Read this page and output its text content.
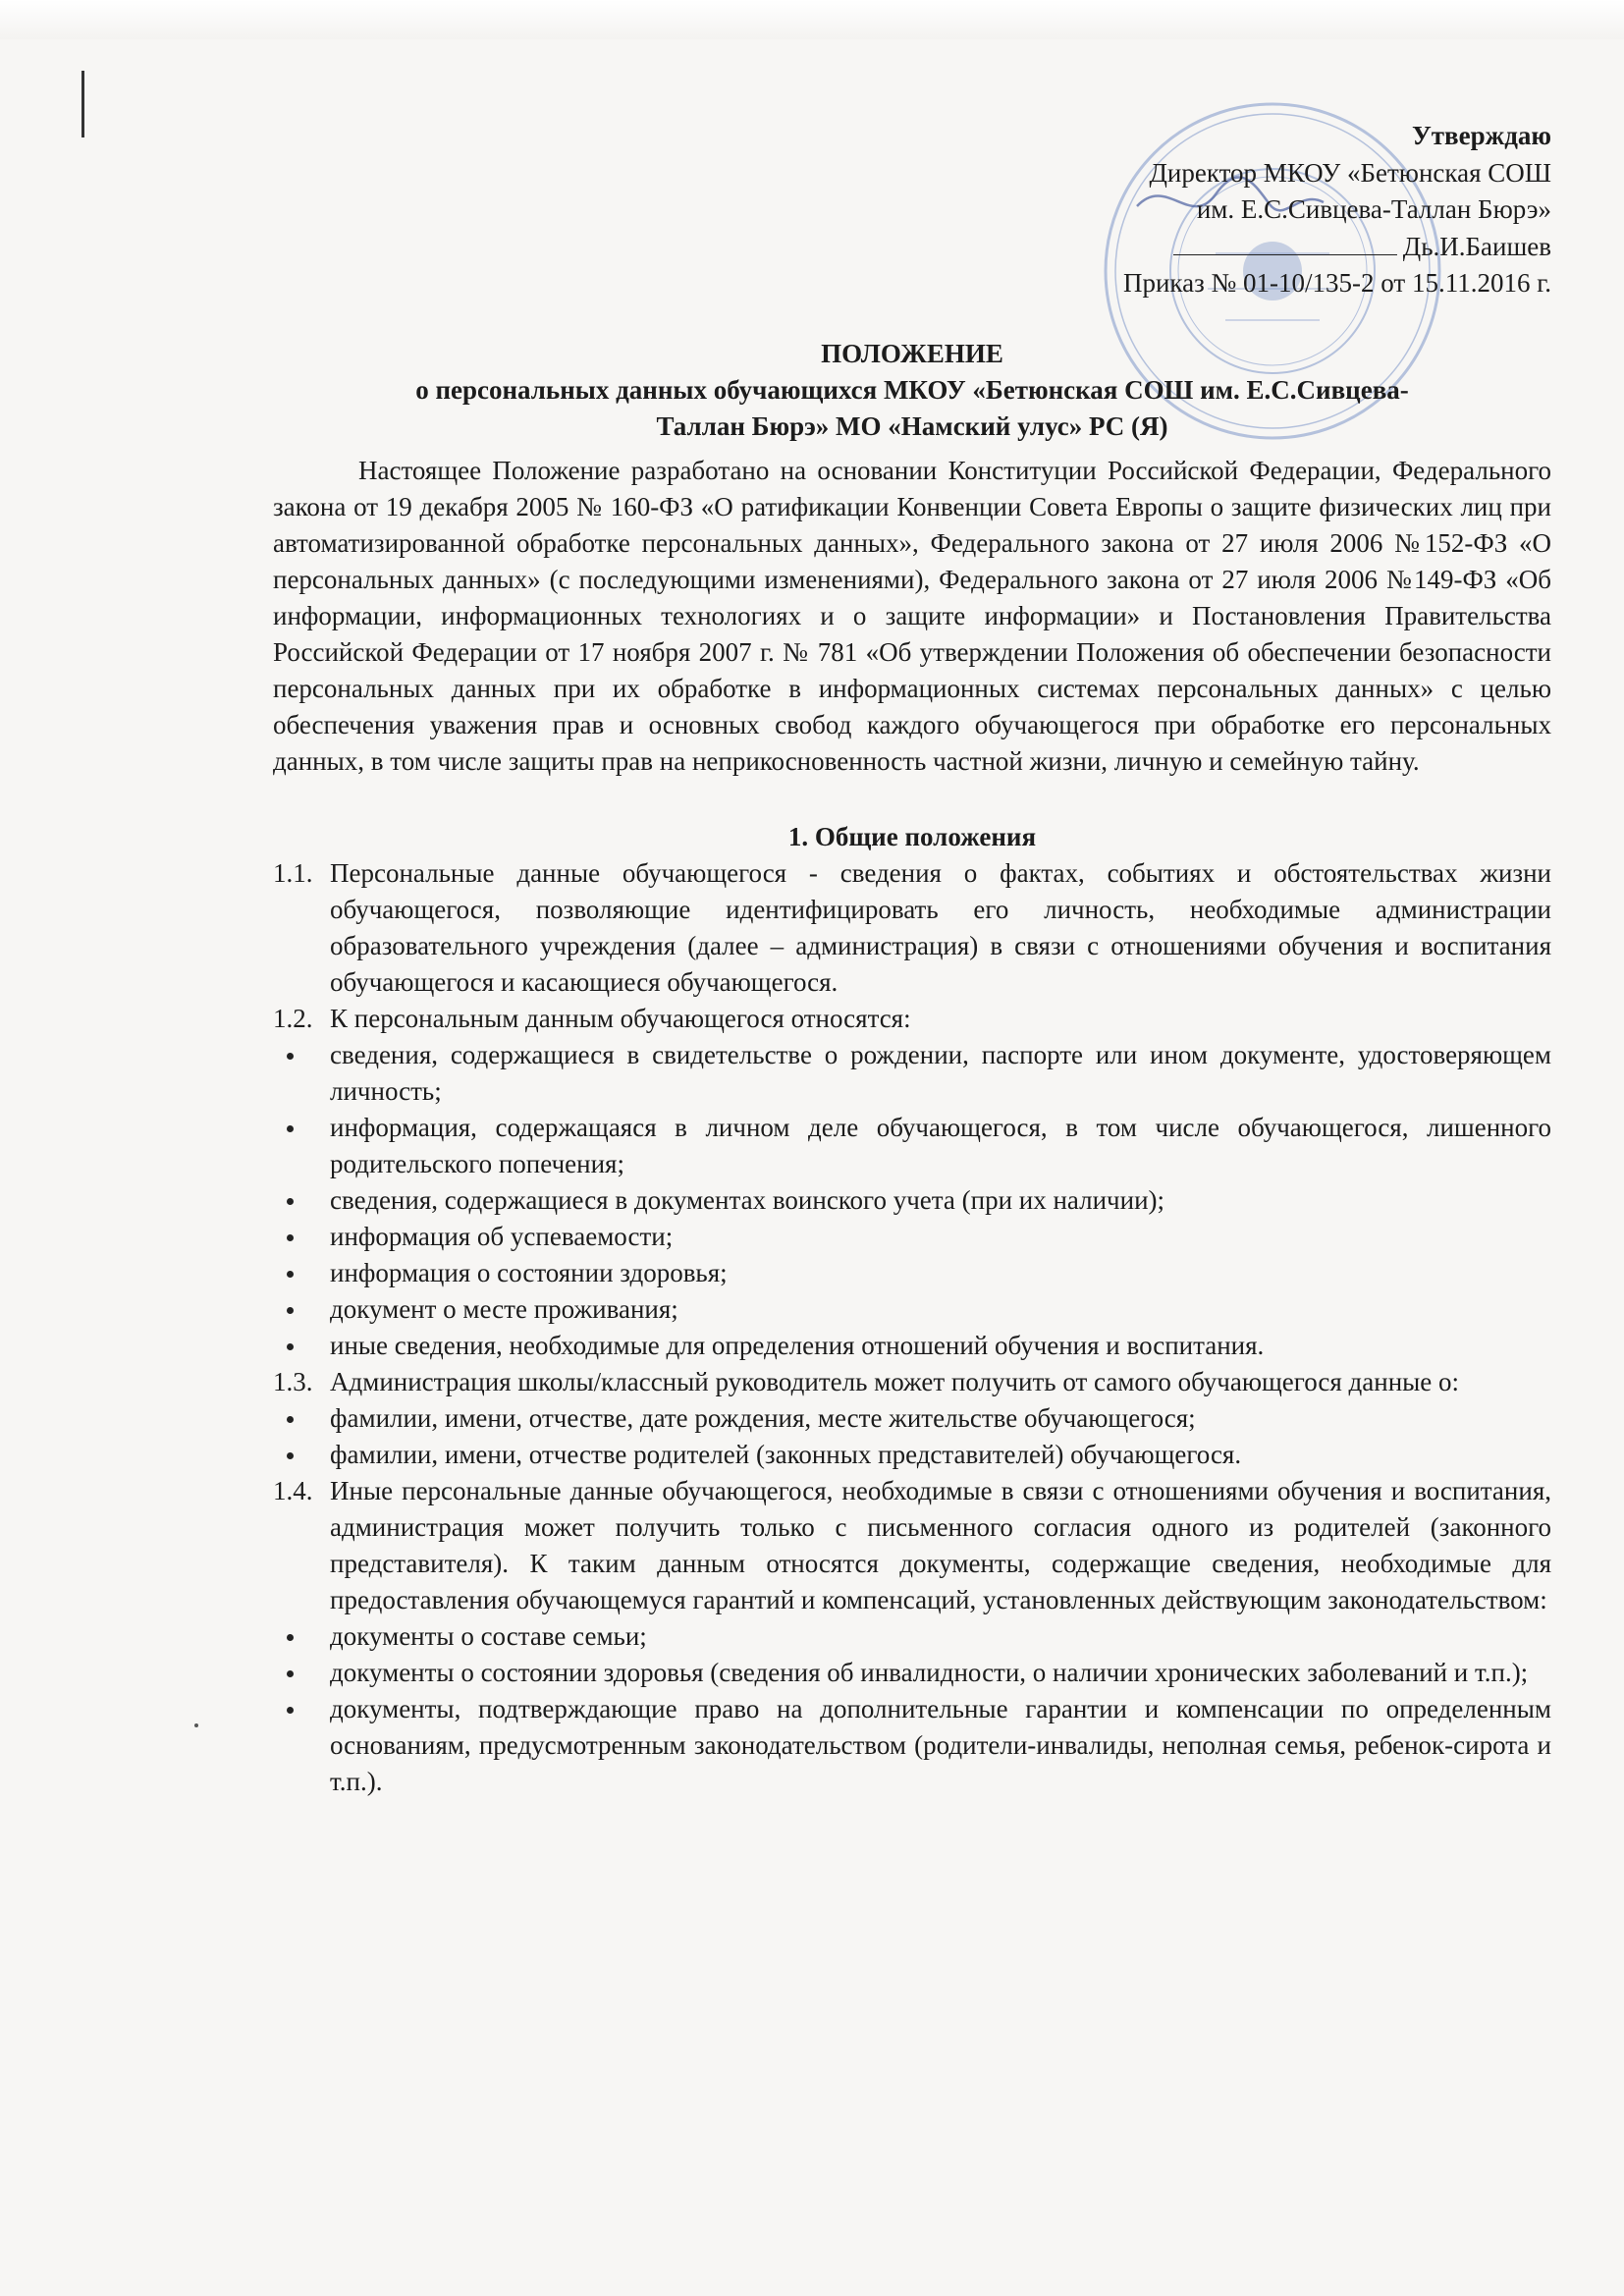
Утверждаю
Директор МКОУ «Бетюнская СОШ
им. Е.С.Сивцева-Таллан Бюрэ»
Дь.И.Баишев
Приказ № 01-10/135-2 от 15.11.2016 г.
ПОЛОЖЕНИЕ
о персональных данных обучающихся МКОУ «Бетюнская СОШ им. Е.С.Сивцева-
Таллан Бюрэ» МО «Намский улус» РС (Я)
Настоящее Положение разработано на основании Конституции Российской Федерации, Федерального закона от 19 декабря 2005 № 160-ФЗ «О ратификации Конвенции Совета Европы о защите физических лиц при автоматизированной обработке персональных данных», Федерального закона от 27 июля 2006 №152-ФЗ «О персональных данных» (с последующими изменениями), Федерального закона от 27 июля 2006 №149-ФЗ «Об информации, информационных технологиях и о защите информации» и Постановления Правительства Российской Федерации от 17 ноября 2007 г. № 781 «Об утверждении Положения об обеспечении безопасности персональных данных при их обработке в информационных системах персональных данных» с целью обеспечения уважения прав и основных свобод каждого обучающегося при обработке его персональных данных, в том числе защиты прав на неприкосновенность частной жизни, личную и семейную тайну.
1. Общие положения
1.1. Персональные данные обучающегося - сведения о фактах, событиях и обстоятельствах жизни обучающегося, позволяющие идентифицировать его личность, необходимые администрации образовательного учреждения (далее – администрация) в связи с отношениями обучения и воспитания обучающегося и касающиеся обучающегося.
1.2. К персональным данным обучающегося относятся:
сведения, содержащиеся в свидетельстве о рождении, паспорте или ином документе, удостоверяющем личность;
информация, содержащаяся в личном деле обучающегося, в том числе обучающегося, лишенного родительского попечения;
сведения, содержащиеся в документах воинского учета (при их наличии);
информация об успеваемости;
информация о состоянии здоровья;
документ о месте проживания;
иные сведения, необходимые для определения отношений обучения и воспитания.
1.3. Администрация школы/классный руководитель может получить от самого обучающегося данные о:
фамилии, имени, отчестве, дате рождения, месте жительстве обучающегося;
фамилии, имени, отчестве родителей (законных представителей) обучающегося.
1.4. Иные персональные данные обучающегося, необходимые в связи с отношениями обучения и воспитания, администрация может получить только с письменного согласия одного из родителей (законного представителя). К таким данным относятся документы, содержащие сведения, необходимые для предоставления обучающемуся гарантий и компенсаций, установленных действующим законодательством:
документы о составе семьи;
документы о состоянии здоровья (сведения об инвалидности, о наличии хронических заболеваний и т.п.);
документы, подтверждающие право на дополнительные гарантии и компенсации по определенным основаниям, предусмотренным законодательством (родители-инвалиды, неполная семья, ребенок-сирота и т.п.).
